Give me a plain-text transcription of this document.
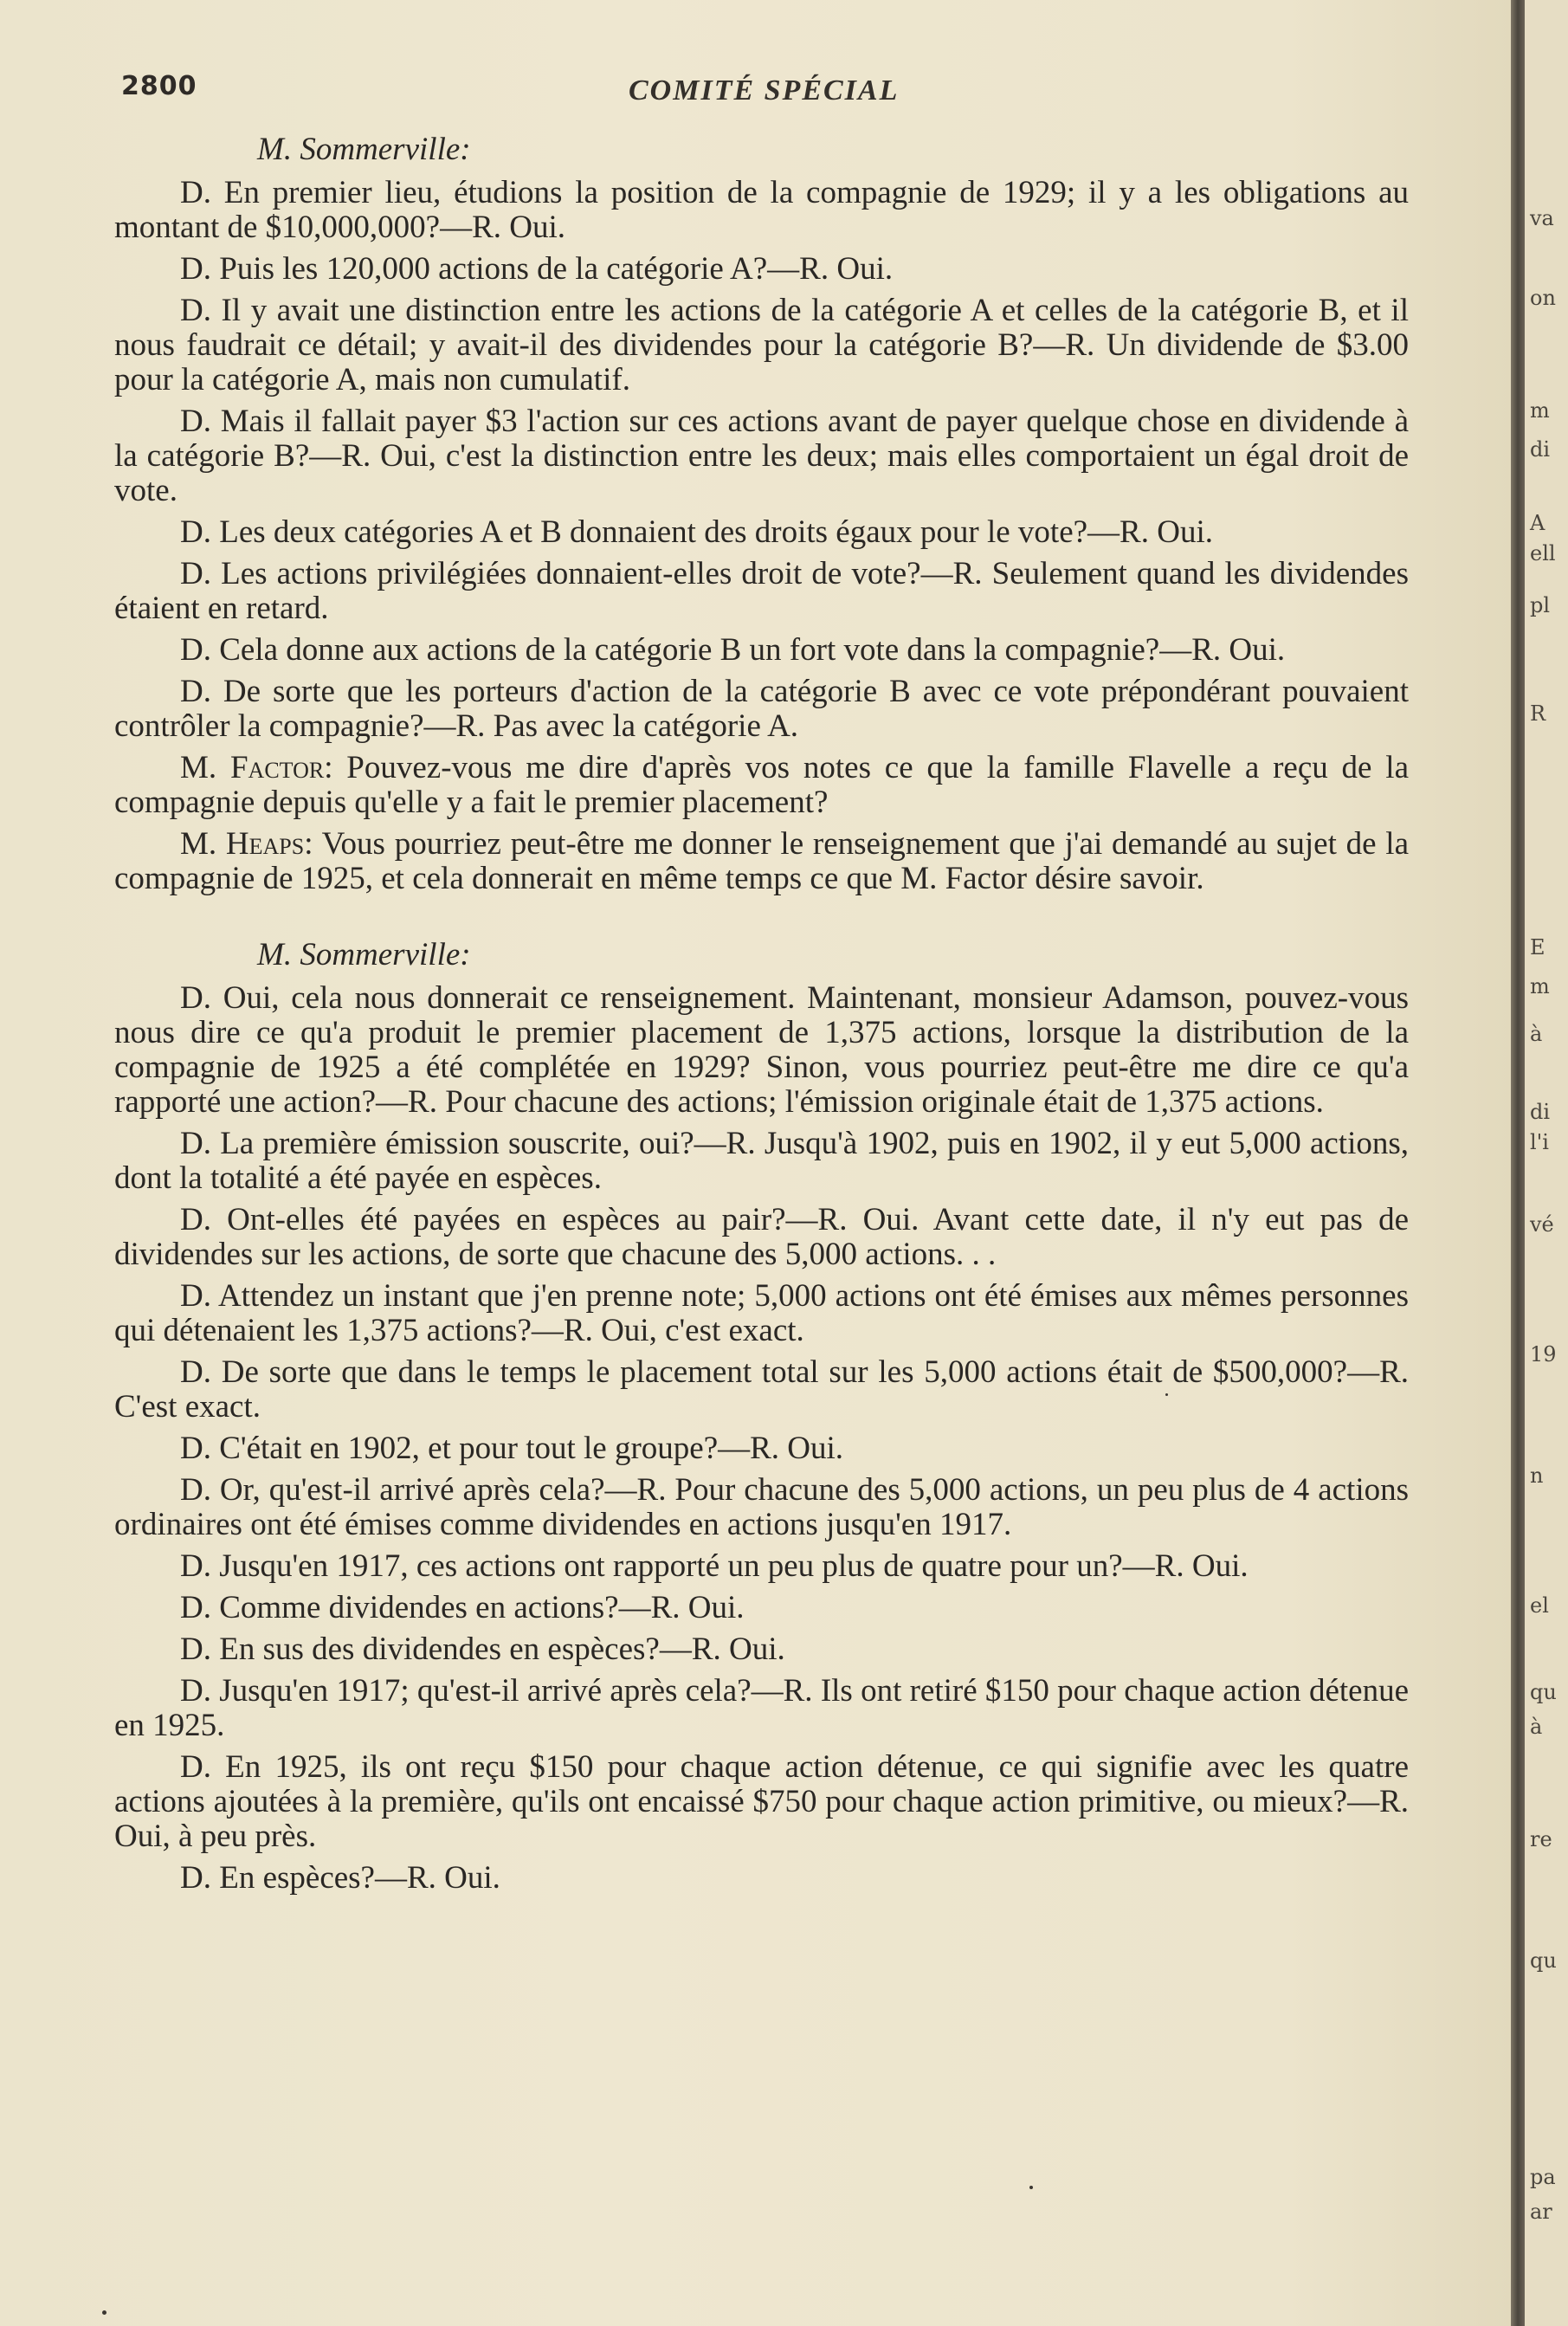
2800	COMITÉ SPÉCIAL

M. Sommerville:

D. En premier lieu, étudions la position de la compagnie de 1929; il y a les obligations au montant de $10,000,000?—R. Oui.

D. Puis les 120,000 actions de la catégorie A?—R. Oui.

D. Il y avait une distinction entre les actions de la catégorie A et celles de la catégorie B, et il nous faudrait ce détail; y avait-il des dividendes pour la catégorie B?—R. Un dividende de $3.00 pour la catégorie A, mais non cumulatif.

D. Mais il fallait payer $3 l'action sur ces actions avant de payer quelque chose en dividende à la catégorie B?—R. Oui, c'est la distinction entre les deux; mais elles comportaient un égal droit de vote.

D. Les deux catégories A et B donnaient des droits égaux pour le vote?—R. Oui.

D. Les actions privilégiées donnaient-elles droit de vote?—R. Seulement quand les dividendes étaient en retard.

D. Cela donne aux actions de la catégorie B un fort vote dans la compagnie?—R. Oui.

D. De sorte que les porteurs d'action de la catégorie B avec ce vote prépondérant pouvaient contrôler la compagnie?—R. Pas avec la catégorie A.

M. Factor: Pouvez-vous me dire d'après vos notes ce que la famille Flavelle a reçu de la compagnie depuis qu'elle y a fait le premier placement?

M. Heaps: Vous pourriez peut-être me donner le renseignement que j'ai demandé au sujet de la compagnie de 1925, et cela donnerait en même temps ce que M. Factor désire savoir.

M. Sommerville:

D. Oui, cela nous donnerait ce renseignement. Maintenant, monsieur Adamson, pouvez-vous nous dire ce qu'a produit le premier placement de 1,375 actions, lorsque la distribution de la compagnie de 1925 a été complétée en 1929? Sinon, vous pourriez peut-être me dire ce qu'a rapporté une action?—R. Pour chacune des actions; l'émission originale était de 1,375 actions.

D. La première émission souscrite, oui?—R. Jusqu'à 1902, puis en 1902, il y eut 5,000 actions, dont la totalité a été payée en espèces.

D. Ont-elles été payées en espèces au pair?—R. Oui. Avant cette date, il n'y eut pas de dividendes sur les actions, de sorte que chacune des 5,000 actions. . .

D. Attendez un instant que j'en prenne note; 5,000 actions ont été émises aux mêmes personnes qui détenaient les 1,375 actions?—R. Oui, c'est exact.

D. De sorte que dans le temps le placement total sur les 5,000 actions était de $500,000?—R. C'est exact.

D. C'était en 1902, et pour tout le groupe?—R. Oui.

D. Or, qu'est-il arrivé après cela?—R. Pour chacune des 5,000 actions, un peu plus de 4 actions ordinaires ont été émises comme dividendes en actions jusqu'en 1917.

D. Jusqu'en 1917, ces actions ont rapporté un peu plus de quatre pour un?—R. Oui.

D. Comme dividendes en actions?—R. Oui.

D. En sus des dividendes en espèces?—R. Oui.

D. Jusqu'en 1917; qu'est-il arrivé après cela?—R. Ils ont retiré $150 pour chaque action détenue en 1925.

D. En 1925, ils ont reçu $150 pour chaque action détenue, ce qui signifie avec les quatre actions ajoutées à la première, qu'ils ont encaissé $750 pour chaque action primitive, ou mieux?—R. Oui, à peu près.

D. En espèces?—R. Oui.

va
on
m
di
A
ell
pl
R
E
m
à
di
l'i
vé
19
n
el
qu
à
re
qu
pa
ar
